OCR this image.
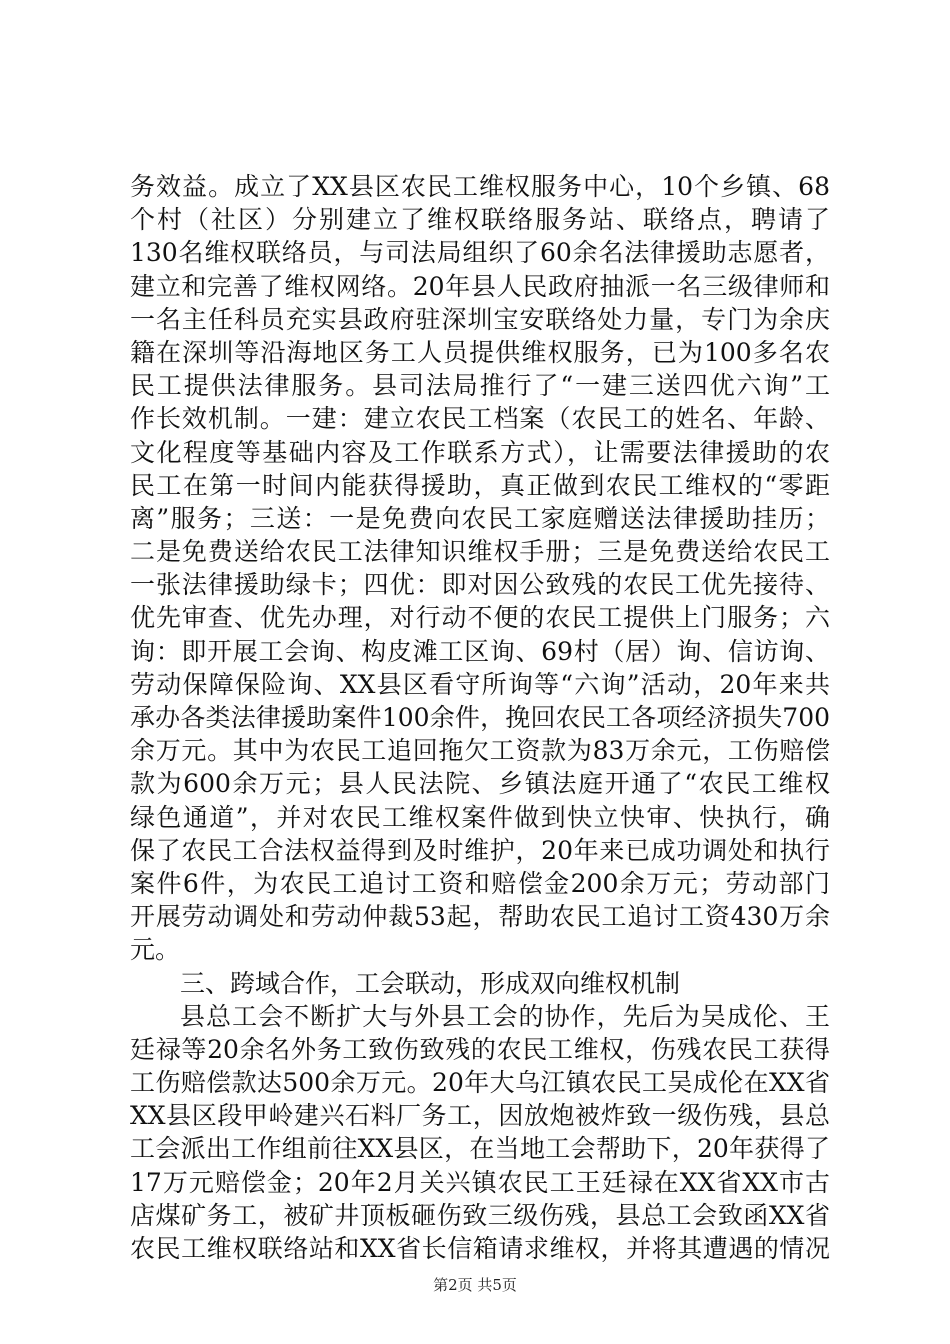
务效益。成立了XX县区农民工维权服务中心，10个乡镇、68
个村（社区）分别建立了维权联络服务站、联络点，聘请了
130名维权联络员，与司法局组织了60余名法律援助志愿者，
建立和完善了维权网络。20年县人民政府抽派一名三级律师和
一名主任科员充实县政府驻深圳宝安联络处力量，专门为余庆
籍在深圳等沿海地区务工人员提供维权服务，已为100多名农
民工提供法律服务。县司法局推行了“一建三送四优六询”工
作长效机制。一建：建立农民工档案（农民工的姓名、年龄、
文化程度等基础内容及工作联系方式），让需要法律援助的农
民工在第一时间内能获得援助，真正做到农民工维权的“零距
离”服务；三送：一是免费向农民工家庭赠送法律援助挂历；
二是免费送给农民工法律知识维权手册；三是免费送给农民工
一张法律援助绿卡；四优：即对因公致残的农民工优先接待、
优先审查、优先办理，对行动不便的农民工提供上门服务；六
询：即开展工会询、构皮滩工区询、69村（居）询、信访询、
劳动保障保险询、XX县区看守所询等“六询”活动，20年来共
承办各类法律援助案件100余件，挽回农民工各项经济损失700
余万元。其中为农民工追回拖欠工资款为83万余元，工伤赔偿
款为600余万元；县人民法院、乡镇法庭开通了“农民工维权
绿色通道”，并对农民工维权案件做到快立快审、快执行，确
保了农民工合法权益得到及时维护，20年来已成功调处和执行
案件6件，为农民工追讨工资和赔偿金200余万元；劳动部门
开展劳动调处和劳动仲裁53起，帮助农民工追讨工资430万余
元。
三、跨域合作，工会联动，形成双向维权机制
县总工会不断扩大与外县工会的协作，先后为吴成伦、王
廷禄等20余名外务工致伤致残的农民工维权，伤残农民工获得
工伤赔偿款达500余万元。20年大乌江镇农民工吴成伦在XX省
XX县区段甲岭建兴石料厂务工，因放炮被炸致一级伤残，县总
工会派出工作组前往XX县区，在当地工会帮助下，20年获得了
17万元赔偿金；20年2月关兴镇农民工王廷禄在XX省XX市古
店煤矿务工，被矿井顶板砸伤致三级伤残，县总工会致函XX省
农民工维权联络站和XX省长信箱请求维权，并将其遭遇的情况
第2页 共5页
